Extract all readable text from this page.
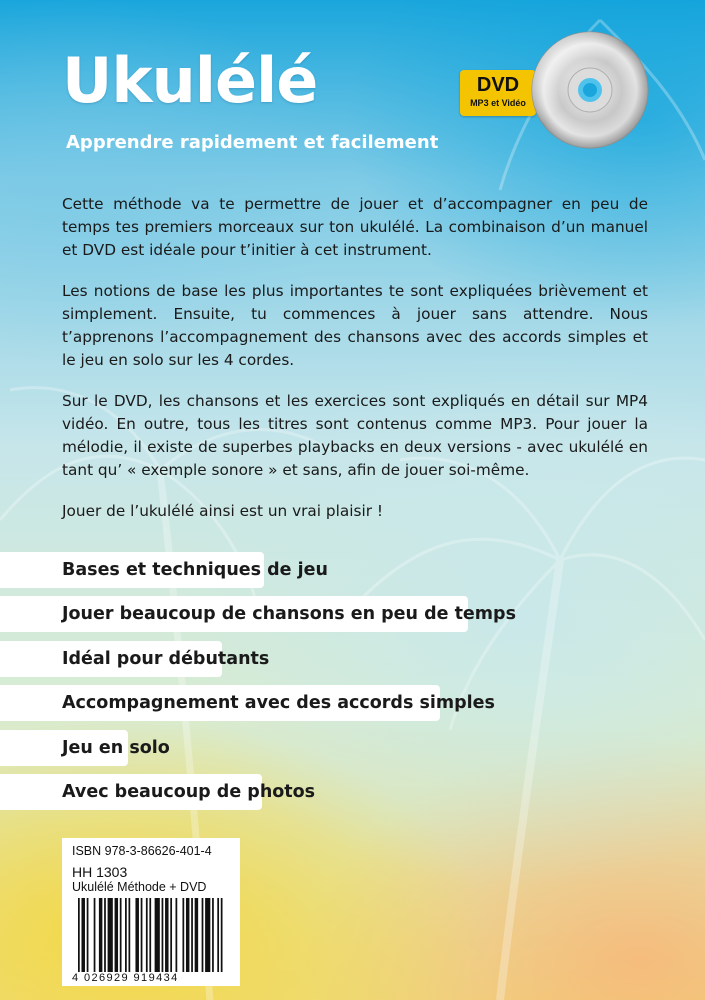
Ukulélé
Apprendre rapidement et facilement
DVD
MP3 et Vidéo

Cette méthode va te permettre de jouer et d’accompagner en peu de temps tes premiers morceaux sur ton ukulélé. La combinaison d’un manuel et DVD est idéale pour t’initier à cet instrument.

Les notions de base les plus importantes te sont expliquées brièvement et simplement. Ensuite, tu commences à jouer sans attendre. Nous t’apprenons l’accompagnement des chansons avec des accords simples et le jeu en solo sur les 4 cordes.

Sur le DVD, les chansons et les exercices sont expliqués en détail sur MP4 vidéo. En outre, tous les titres sont contenus comme MP3. Pour jouer la mélodie, il existe de superbes playbacks en deux versions - avec ukulélé en tant qu’ « exemple sonore » et sans, afin de jouer soi-même.

Jouer de l’ukulélé ainsi est un vrai plaisir !

Bases et techniques de jeu
Jouer beaucoup de chansons en peu de temps
Idéal pour débutants
Accompagnement avec des accords simples
Jeu en solo
Avec beaucoup de photos
ISBN 978-3-86626-401-4
HH 1303
Ukulélé Méthode + DVD
4 026929 919434
